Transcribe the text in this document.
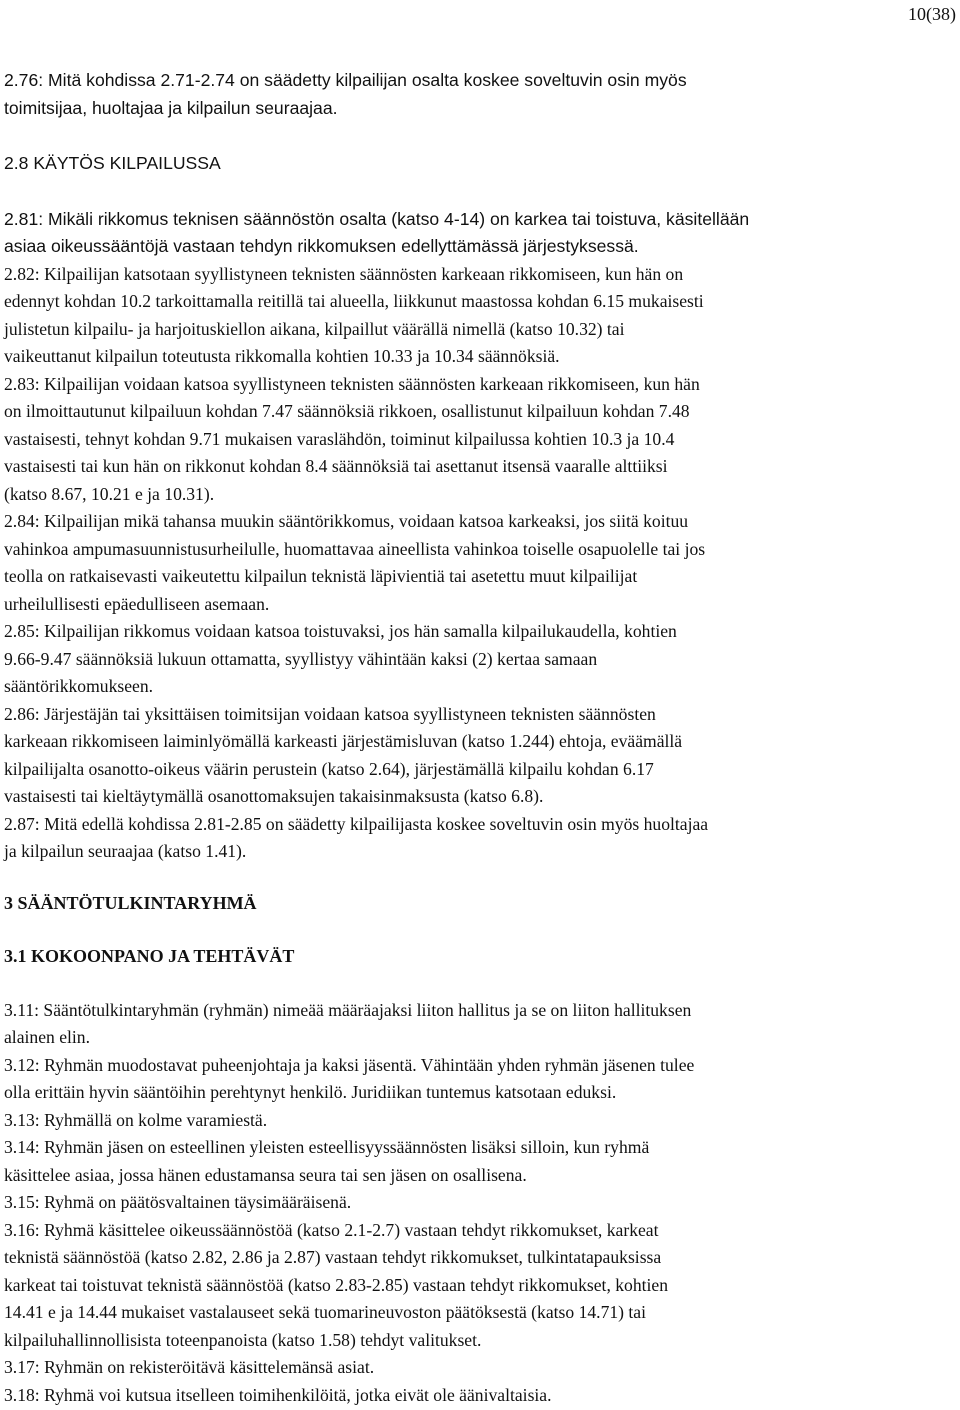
10(38)

2.76: Mitä kohdissa 2.71-2.74 on säädetty kilpailijan osalta koskee soveltuvin osin myös
toimitsijaa, huoltajaa ja kilpailun seuraajaa.

2.8 KÄYTÖS KILPAILUSSA

2.81: Mikäli rikkomus teknisen säännöstön osalta (katso 4-14) on karkea tai toistuva, käsitellään
asiaa oikeussääntöjä vastaan tehdyn rikkomuksen edellyttämässä järjestyksessä.

2.82: Kilpailijan katsotaan syyllistyneen teknisten säännösten karkeaan rikkomiseen, kun hän on
edennyt kohdan 10.2 tarkoittamalla reitillä tai alueella, liikkunut maastossa kohdan 6.15 mukaisesti
julistetun kilpailu- ja harjoituskiellon aikana, kilpaillut väärällä nimellä (katso 10.32) tai
vaikeuttanut kilpailun toteutusta rikkomalla kohtien 10.33 ja 10.34 säännöksiä.

2.83: Kilpailijan voidaan katsoa syyllistyneen teknisten säännösten karkeaan rikkomiseen, kun hän
on ilmoittautunut kilpailuun kohdan 7.47 säännöksiä rikkoen, osallistunut kilpailuun kohdan 7.48
vastaisesti, tehnyt kohdan 9.71 mukaisen varaslähdön, toiminut kilpailussa kohtien 10.3 ja 10.4
vastaisesti tai kun hän on rikkonut kohdan 8.4 säännöksiä tai asettanut itsensä vaaralle alttiiksi
(katso 8.67, 10.21 e ja 10.31).

2.84: Kilpailijan mikä tahansa muukin sääntörikkomus, voidaan katsoa karkeaksi, jos siitä koituu
vahinkoa ampumasuunnistusurheilulle, huomattavaa aineellista vahinkoa toiselle osapuolelle tai jos
teolla on ratkaisevasti vaikeutettu kilpailun teknistä läpivientiä tai asetettu muut kilpailijat
urheilullisesti epäedulliseen asemaan.

2.85: Kilpailijan rikkomus voidaan katsoa toistuvaksi, jos hän samalla kilpailukaudella, kohtien
9.66-9.47 säännöksiä lukuun ottamatta, syyllistyy vähintään kaksi (2) kertaa samaan
sääntörikkomukseen.

2.86: Järjestäjän tai yksittäisen toimitsijan voidaan katsoa syyllistyneen teknisten säännösten
karkeaan rikkomiseen laiminlyömällä karkeasti järjestämisluvan (katso 1.244) ehtoja, eväämällä
kilpailijalta osanotto-oikeus väärin perustein (katso 2.64), järjestämällä kilpailu kohdan 6.17
vastaisesti tai kieltäytymällä osanottomaksujen takaisinmaksusta (katso 6.8).

2.87: Mitä edellä kohdissa 2.81-2.85 on säädetty kilpailijasta koskee soveltuvin osin myös huoltajaa
ja kilpailun seuraajaa (katso 1.41).

3 SÄÄNTÖTULKINTARYHMÄ

3.1 KOKOONPANO JA TEHTÄVÄT

3.11: Sääntötulkintaryhmän (ryhmän) nimeää määräajaksi liiton hallitus ja se on liiton hallituksen
alainen elin.

3.12: Ryhmän muodostavat puheenjohtaja ja kaksi jäsentä. Vähintään yhden ryhmän jäsenen tulee
olla erittäin hyvin sääntöihin perehtynyt henkilö. Juridiikan tuntemus katsotaan eduksi.

3.13: Ryhmällä on kolme varamiestä.

3.14: Ryhmän jäsen on esteellinen yleisten esteellisyyssäännösten lisäksi silloin, kun ryhmä
käsittelee asiaa, jossa hänen edustamansa seura tai sen jäsen on osallisena.

3.15: Ryhmä on päätösvaltainen täysimääräisenä.

3.16: Ryhmä käsittelee oikeussäännöstöä (katso 2.1-2.7) vastaan tehdyt rikkomukset, karkeat
teknistä säännöstöä (katso 2.82, 2.86 ja 2.87) vastaan tehdyt rikkomukset, tulkintatapauksissa
karkeat tai toistuvat teknistä säännöstöä (katso 2.83-2.85) vastaan tehdyt rikkomukset, kohtien
14.41 e ja 14.44 mukaiset vastalauseet sekä tuomarineuvoston päätöksestä (katso 14.71) tai
kilpailuhallinnollisista toteenpanoista (katso 1.58) tehdyt valitukset.

3.17: Ryhmän on rekisteröitävä käsittelemänsä asiat.

3.18: Ryhmä voi kutsua itselleen toimihenkilöitä, jotka eivät ole äänivaltaisia.
